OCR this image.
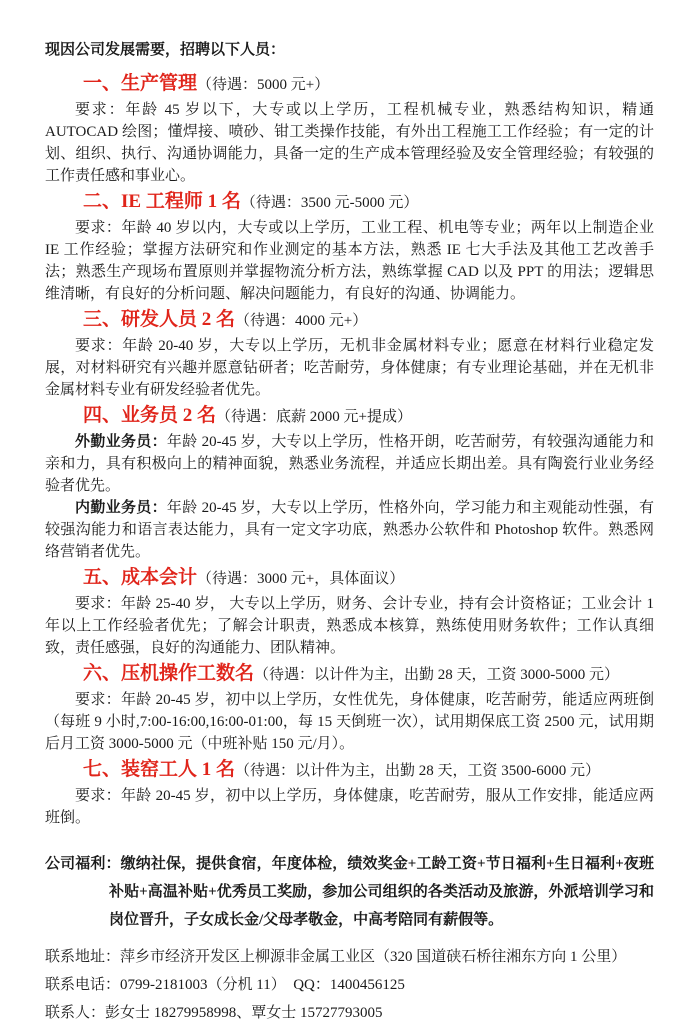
现因公司发展需要，招聘以下人员：

一、生产管理（待遇：5000 元+）

要求：年龄 45 岁以下，大专或以上学历，工程机械专业，熟悉结构知识，精通 AUTOCAD 绘图；懂焊接、喷砂、钳工类操作技能，有外出工程施工工作经验；有一定的计划、组织、执行、沟通协调能力，具备一定的生产成本管理经验及安全管理经验；有较强的工作责任感和事业心。

二、IE 工程师 1 名（待遇：3500 元-5000 元）

要求：年龄 40 岁以内，大专或以上学历，工业工程、机电等专业；两年以上制造企业 IE 工作经验；掌握方法研究和作业测定的基本方法，熟悉 IE 七大手法及其他工艺改善手法；熟悉生产现场布置原则并掌握物流分析方法，熟练掌握 CAD 以及 PPT 的用法；逻辑思维清晰，有良好的分析问题、解决问题能力，有良好的沟通、协调能力。

三、研发人员 2 名（待遇：4000 元+）

要求：年龄 20-40 岁，大专以上学历，无机非金属材料专业；愿意在材料行业稳定发展，对材料研究有兴趣并愿意钻研者；吃苦耐劳，身体健康；有专业理论基础，并在无机非金属材料专业有研发经验者优先。

四、业务员 2 名（待遇：底薪 2000 元+提成）

外勤业务员：年龄 20-45 岁，大专以上学历，性格开朗，吃苦耐劳，有较强沟通能力和亲和力，具有积极向上的精神面貌，熟悉业务流程，并适应长期出差。具有陶瓷行业业务经验者优先。

内勤业务员：年龄 20-45 岁，大专以上学历，性格外向，学习能力和主观能动性强，有较强沟能力和语言表达能力，具有一定文字功底，熟悉办公软件和 Photoshop 软件。熟悉网络营销者优先。

五、成本会计（待遇：3000 元+，具体面议）

要求：年龄 25-40 岁， 大专以上学历，财务、会计专业，持有会计资格证；工业会计 1 年以上工作经验者优先；了解会计职责，熟悉成本核算，熟练使用财务软件；工作认真细致，责任感强，良好的沟通能力、团队精神。

六、压机操作工数名（待遇：以计件为主，出勤 28 天，工资 3000-5000 元）

要求：年龄 20-45 岁，初中以上学历，女性优先，身体健康，吃苦耐劳，能适应两班倒（每班 9 小时,7:00-16:00,16:00-01:00，每 15 天倒班一次），试用期保底工资 2500 元，试用期后月工资 3000-5000 元（中班补贴 150 元/月）。

七、装窑工人 1 名（待遇：以计件为主，出勤 28 天，工资 3500-6000 元）

要求：年龄 20-45 岁，初中以上学历，身体健康，吃苦耐劳，服从工作安排，能适应两班倒。

公司福利：缴纳社保，提供食宿，年度体检，绩效奖金+工龄工资+节日福利+生日福利+夜班补贴+高温补贴+优秀员工奖励，参加公司组织的各类活动及旅游，外派培训学习和岗位晋升，子女成长金/父母孝敬金，中高考陪同有薪假等。

联系地址：萍乡市经济开发区上柳源非金属工业区（320 国道硖石桥往湘东方向 1 公里）

联系电话：0799-2181003（分机 11）　QQ：1400456125

联系人：彭女士 18279958998、覃女士 15727793005
